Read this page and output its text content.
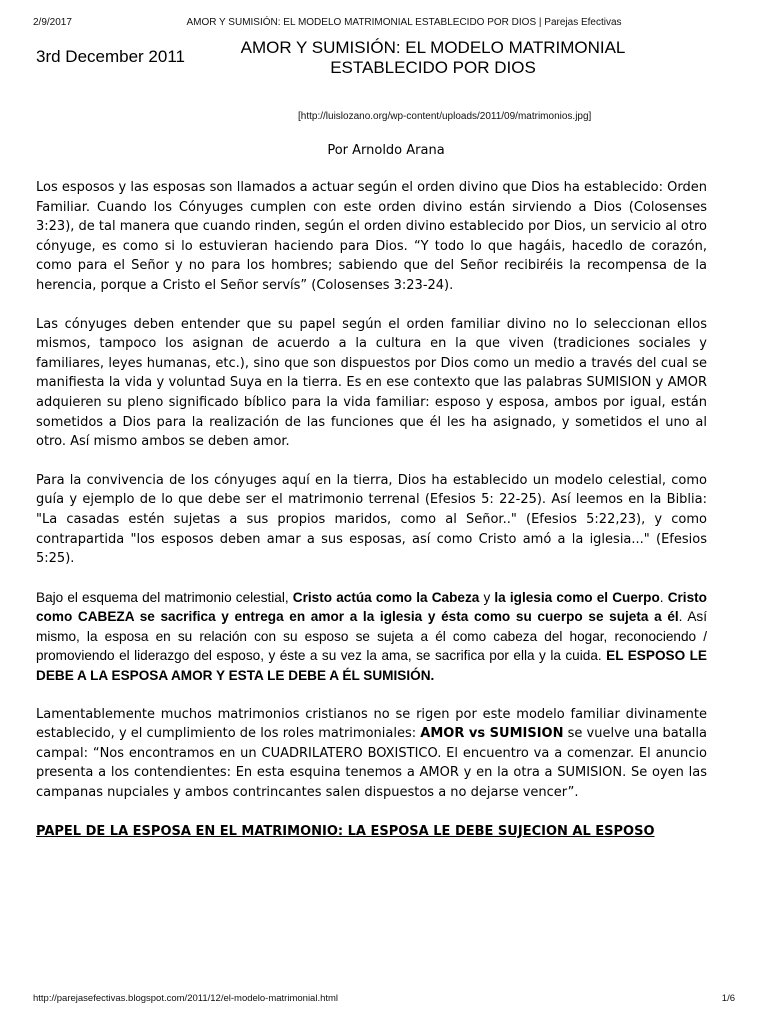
2/9/2017	AMOR Y SUMISIÓN: EL MODELO MATRIMONIAL ESTABLECIDO POR DIOS | Parejas Efectivas
3rd December 2011	AMOR Y SUMISIÓN: EL MODELO MATRIMONIAL
ESTABLECIDO POR DIOS
[http://luislozano.org/wp-content/uploads/2011/09/matrimonios.jpg]
Por Arnoldo Arana

Los esposos y las esposas son llamados a actuar según el orden divino que Dios ha establecido: Orden Familiar. Cuando los Cónyuges cumplen con este orden divino están sirviendo a Dios (Colosenses 3:23), de tal manera que cuando rinden, según el orden divino establecido por Dios, un servicio al otro cónyuge, es como si lo estuvieran haciendo para Dios. “Y todo lo que hagáis, hacedlo de corazón, como para el Señor y no para los hombres; sabiendo que del Señor recibiréis la recompensa de la herencia, porque a Cristo el Señor servís” (Colosenses 3:23-24).

Las cónyuges deben entender que su papel según el orden familiar divino no lo seleccionan ellos mismos, tampoco los asignan de acuerdo a la cultura en la que viven (tradiciones sociales y familiares, leyes humanas, etc.), sino que son dispuestos por Dios como un medio a través del cual se manifiesta la vida y voluntad Suya en la tierra. Es en ese contexto que las palabras SUMISION y AMOR adquieren su pleno significado bíblico para la vida familiar: esposo y esposa, ambos por igual, están sometidos a Dios para la realización de las funciones que él les ha asignado, y sometidos el uno al otro. Así mismo ambos se deben amor.

Para la convivencia de los cónyuges aquí en la tierra, Dios ha establecido un modelo celestial, como guía y ejemplo de lo que debe ser el matrimonio terrenal (Efesios 5: 22-25). Así leemos en la Biblia: "La casadas estén sujetas a sus propios maridos, como al Señor.." (Efesios 5:22,23), y como contrapartida "los esposos deben amar a sus esposas, así como Cristo amó a la iglesia..." (Efesios 5:25).

Bajo el esquema del matrimonio celestial, Cristo actúa como la Cabeza y la iglesia como el Cuerpo. Cristo como CABEZA se sacrifica y entrega en amor a la iglesia y ésta como su cuerpo se sujeta a él. Así mismo, la esposa en su relación con su esposo se sujeta a él como cabeza del hogar, reconociendo / promoviendo el liderazgo del esposo, y éste a su vez la ama, se sacrifica por ella y la cuida. EL ESPOSO LE DEBE A LA ESPOSA AMOR Y ESTA LE DEBE A ÉL SUMISIÓN.

Lamentablemente muchos matrimonios cristianos no se rigen por este modelo familiar divinamente establecido, y el cumplimiento de los roles matrimoniales: AMOR vs SUMISION se vuelve una batalla campal: “Nos encontramos en un CUADRILATERO BOXISTICO. El encuentro va a comenzar. El anuncio presenta a los contendientes: En esta esquina tenemos a AMOR y en la otra a SUMISION. Se oyen las campanas nupciales y ambos contrincantes salen dispuestos a no dejarse vencer”.

PAPEL DE LA ESPOSA EN EL MATRIMONIO: LA ESPOSA LE DEBE SUJECION AL ESPOSO
http://parejasefectivas.blogspot.com/2011/12/el-modelo-matrimonial.html	1/6
